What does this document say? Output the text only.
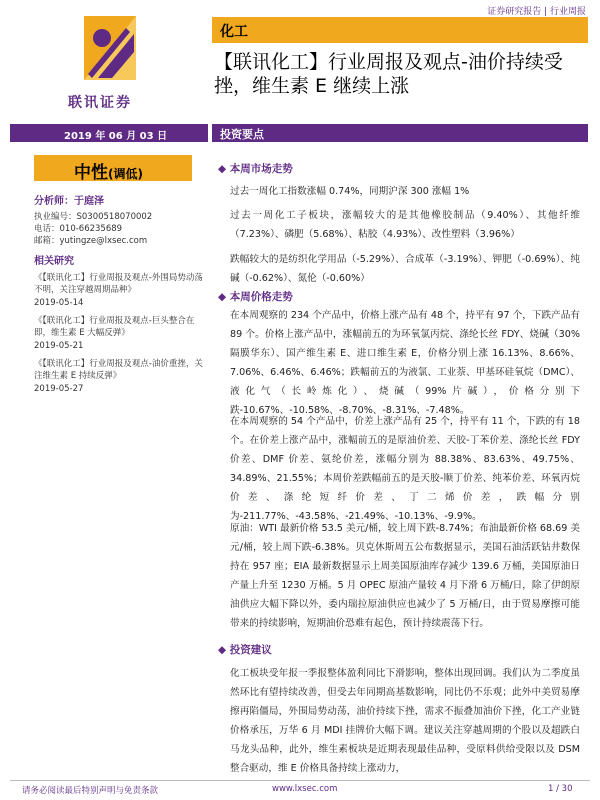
证券研究报告 | 行业周报
化工
【联讯化工】行业周报及观点-油价持续受挫，维生素 E 继续上涨
联讯证券
2019 年 06 月 03 日	投资要点
中性(调低)
分析师：于庭泽
执业编号：S0300518070002
电话：010-66235689
邮箱：yutingze@lxsec.com
相关研究
《【联讯化工】行业周报及观点-外围局势动荡不明，关注穿越周期品种》
2019-05-14
《【联讯化工】行业周报及观点-巨头整合在即，维生素 E 大幅反弹》
2019-05-21
《【联讯化工】行业周报及观点-油价重挫，关注维生素 E 持续反弹》
2019-05-27
◆ 本周市场走势
过去一周化工指数涨幅 0.74%，同期沪深 300 涨幅 1%
过去一周化工子板块，涨幅较大的是其他橡胶制品（9.40%）、其他纤维（7.23%）、磷肥（5.68%）、粘胶（4.93%）、改性塑料（3.96%）
跌幅较大的是纺织化学用品（-5.29%）、合成革（-3.19%）、钾肥（-0.69%）、纯碱（-0.62%）、氮伦（-0.60%）
◆ 本周价格走势
在本周观察的 234 个产品中，价格上涨产品有 48 个，持平有 97 个，下跌产品有 89 个。价格上涨产品中，涨幅前五的为环氧氯丙烷、涤纶长丝 FDY、烧碱（30%隔膜华东）、国产维生素 E、进口维生素 E，价格分别上涨 16.13%、8.66%、7.06%、6.46%、6.46%；跌幅前五的为液氯、工业萘、甲基环硅氧烷（DMC）、液化气（长岭炼化）、烧碱（99%片碱），价格分别下跌-10.67%、-10.58%、-8.70%、-8.31%、-7.48%。
在本周观察的 54 个产品中，价差上涨产品有 25 个，持平有 11 个，下跌的有 18 个。在价差上涨产品中，涨幅前五的是原油价差、天胶-丁苯价差、涤纶长丝 FDY 价差、DMF 价差、氨纶价差，涨幅分别为 88.38%、83.63%、49.75%、34.89%、21.55%；本周价差跌幅前五的是天胶-顺丁价差、纯苯价差、环氧丙烷价差、涤纶短纤价差、丁二烯价差，跌幅分别为-211.77%、-43.58%、-21.49%、-10.13%、-9.9%。
原油：WTI 最新价格 53.5 美元/桶，较上周下跌-8.74%；布油最新价格 68.69 美元/桶，较上周下跌-6.38%。贝克休斯周五公布数据显示，美国石油活跃钻井数保持在 957 座；EIA 最新数据显示上周美国原油库存减少 139.6 万桶，美国原油日产量上升至 1230 万桶。5 月 OPEC 原油产量较 4 月下滑 6 万桶/日，除了伊朗原油供应大幅下降以外，委内瑞拉原油供应也减少了 5 万桶/日，由于贸易摩擦可能带来的持续影响，短期油价恐难有起色，预计持续震荡下行。
◆ 投资建议
化工板块受年报一季报整体盈利同比下滑影响，整体出现回调。我们认为二季度虽然环比有望持续改善，但受去年同期高基数影响，同比仍不乐观；此外中美贸易摩擦再陷僵局，外围局势动荡，油价持续下挫，需求不振叠加油价下挫，化工产业链价格承压，万华 6 月 MDI 挂牌价大幅下调。建议关注穿越周期的个股以及超跌白马龙头品种，此外，维生素板块是近期表现最佳品种，受原料供给受限以及 DSM 整合驱动，维 E 价格具备持续上涨动力，
请务必阅读最后特别声明与免责条款	www.lxsec.com	1 / 30
